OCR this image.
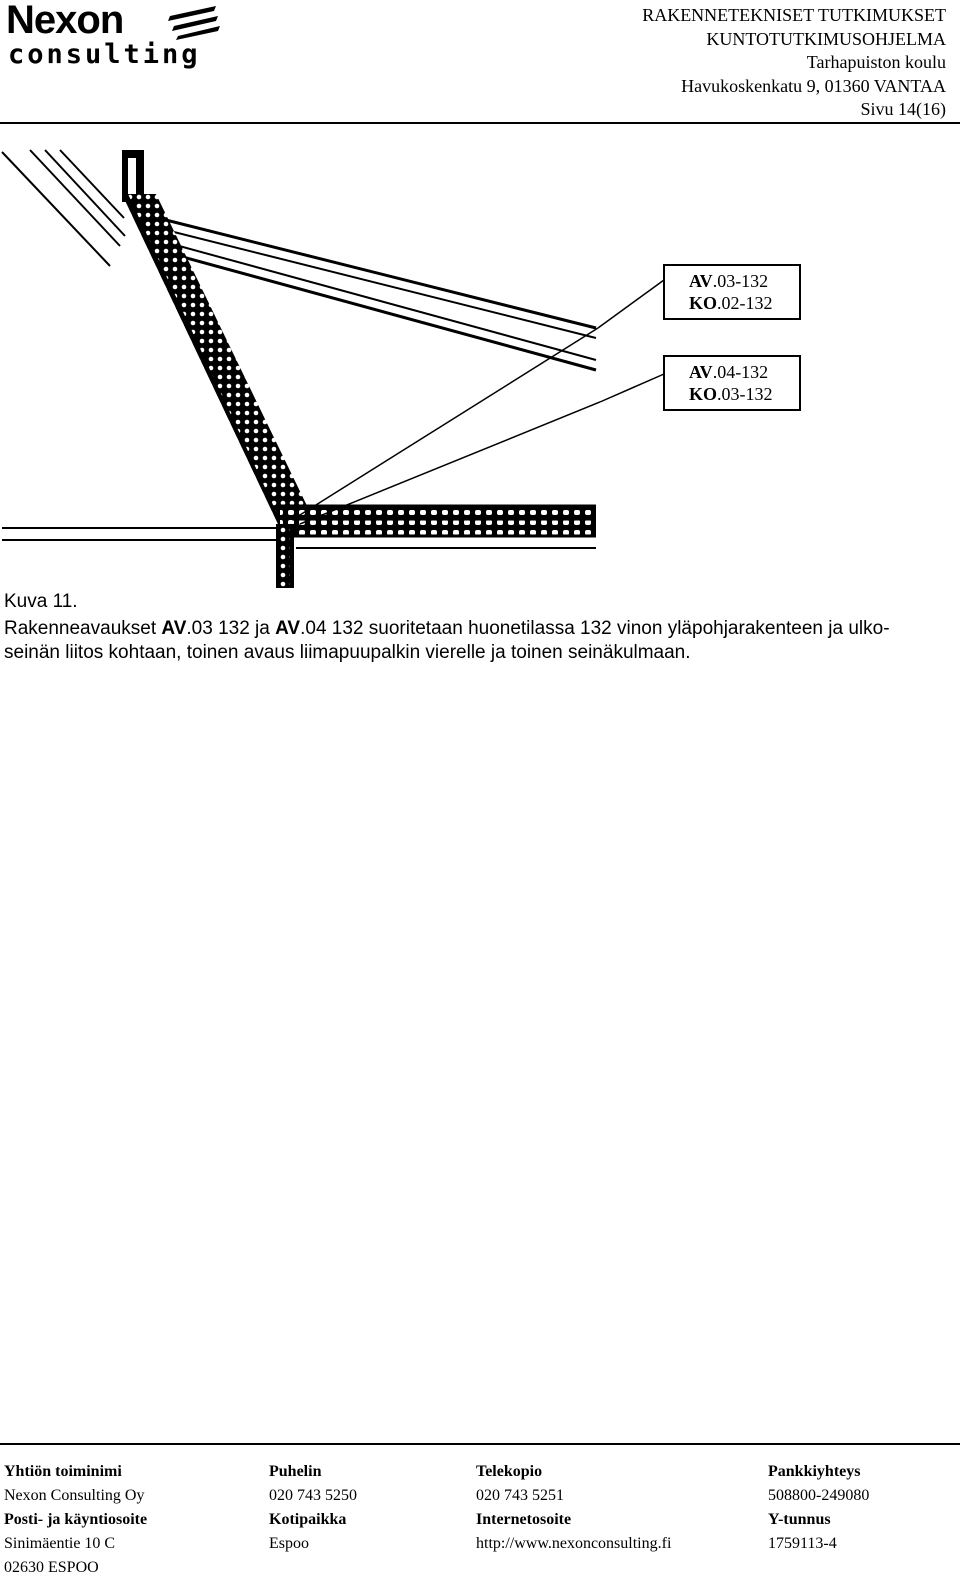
Nexon
consulting
RAKENNETEKNISET TUTKIMUKSET
KUNTOTUTKIMUSOHJELMA
Tarhapuiston koulu
Havukoskenkatu 9, 01360 VANTAA
Sivu 14(16)
AV.03-132
KO.02-132
AV.04-132
KO.03-132
Kuva 11.
Rakenneavaukset AV.03 132 ja AV.04 132 suoritetaan huonetilassa 132 vinon yläpohjarakenteen ja ulko-
seinän liitos kohtaan, toinen avaus liimapuupalkin vierelle ja toinen seinäkulmaan.
Yhtiön toiminimi	Puhelin	Telekopio	Pankkiyhteys
Nexon Consulting Oy	020 743 5250	020 743 5251	508800-249080
Posti- ja käyntiosoite	Kotipaikka	Internetosoite	Y-tunnus
Sinimäentie 10 C	Espoo	http://www.nexonconsulting.fi	1759113-4
02630 ESPOO
